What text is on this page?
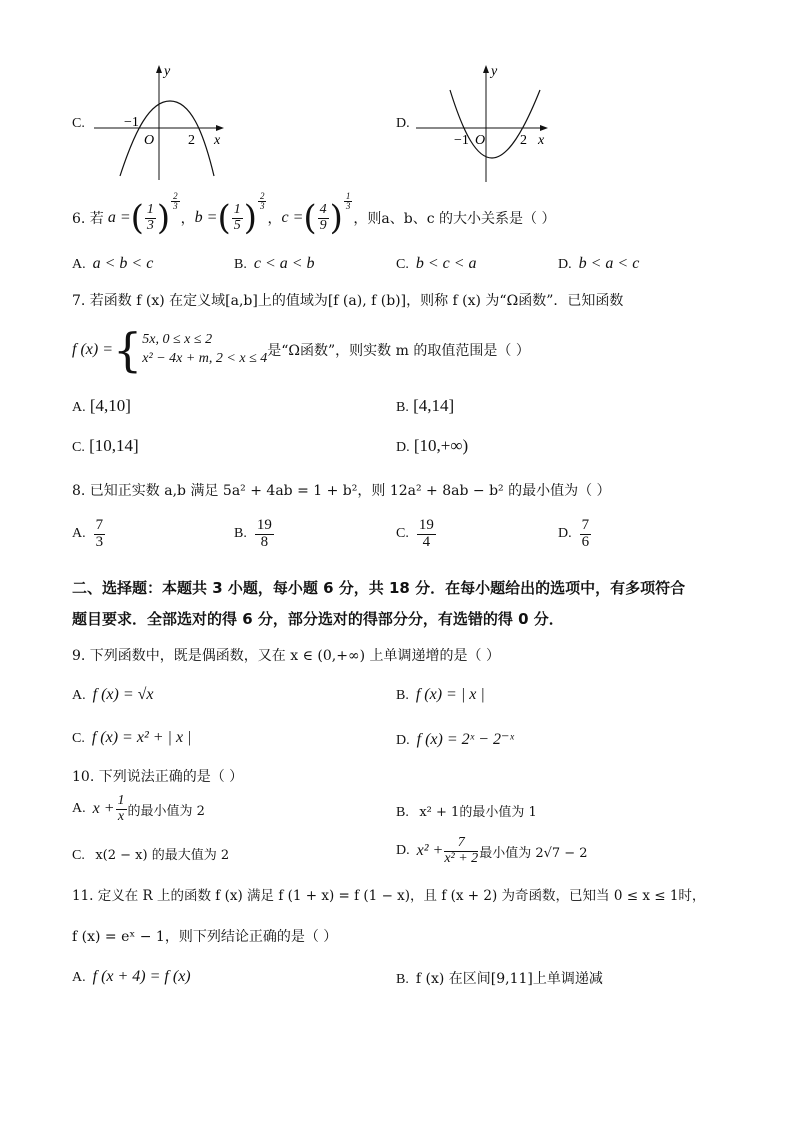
C.
y
x
O
−1
2
D.
y
x
O
−1	2
6. 若 a = ( $\frac{1}{3}$ ) $\frac{2}{3}$
， b = ( $\frac{1}{5}$ ) $\frac{2}{3}$
， c = ( $\frac{4}{9}$ ) $\frac{1}{3}$
，则a、b、c 的大小关系是（ ）
A. a < b < c	B. c < a < b	C. b < c < a	D. b < a < c
7. 若函数 f (x) 在定义域[a,b]上的值域为[f (a), f (b)]，则称 f (x) 为“Ω函数”．已知函数
f (x) = { 5x, 0 ≤ x ≤ 2
x² − 4x + m, 2 < x ≤ 4 是“Ω函数”，则实数 m 的取值范围是（ ）
A. [4,10]	B. [4,14]
C. [10,14]	D. [10,+∞)
8. 已知正实数 a,b 满足 5a² + 4ab = 1 + b²，则 12a² + 8ab − b² 的最小值为（ ）
A.
$\frac{7}{3}$	B.
$\frac{19}{8}$	C.
$\frac{19}{4}$	D.
$\frac{7}{6}$
二、选择题：本题共 3 小题，每小题 6 分，共 18 分．在每小题给出的选项中，有多项符合
题目要求．全部选对的得 6 分，部分选对的得部分分，有选错的得 0 分．
9. 下列函数中，既是偶函数，又在 x ∈ (0,+∞) 上单调递增的是（ ）
A. f (x) = √x	B. f (x) = | x |
C. f (x) = x² + | x |	D. f (x) = 2ˣ − 2⁻ˣ
10. 下列说法正确的是（ ）
A.
$x + \frac{1}{x}$ 的最小值为 2	B. x² + 1的最小值为 1
C. x(2 − x) 的最大值为 2	D.
$x^2 + \frac{7}{\text{x² + 2}}$ 最小值为 2√7 − 2
11. 定义在 R 上的函数 f (x) 满足 f (1 + x) = f (1 − x)，且 f (x + 2) 为奇函数，已知当 0 ≤ x ≤ 1时，
f (x) = eˣ − 1，则下列结论正确的是（ ）
A. f (x + 4) = f (x)	B. f (x) 在区间[9,11]上单调递减
